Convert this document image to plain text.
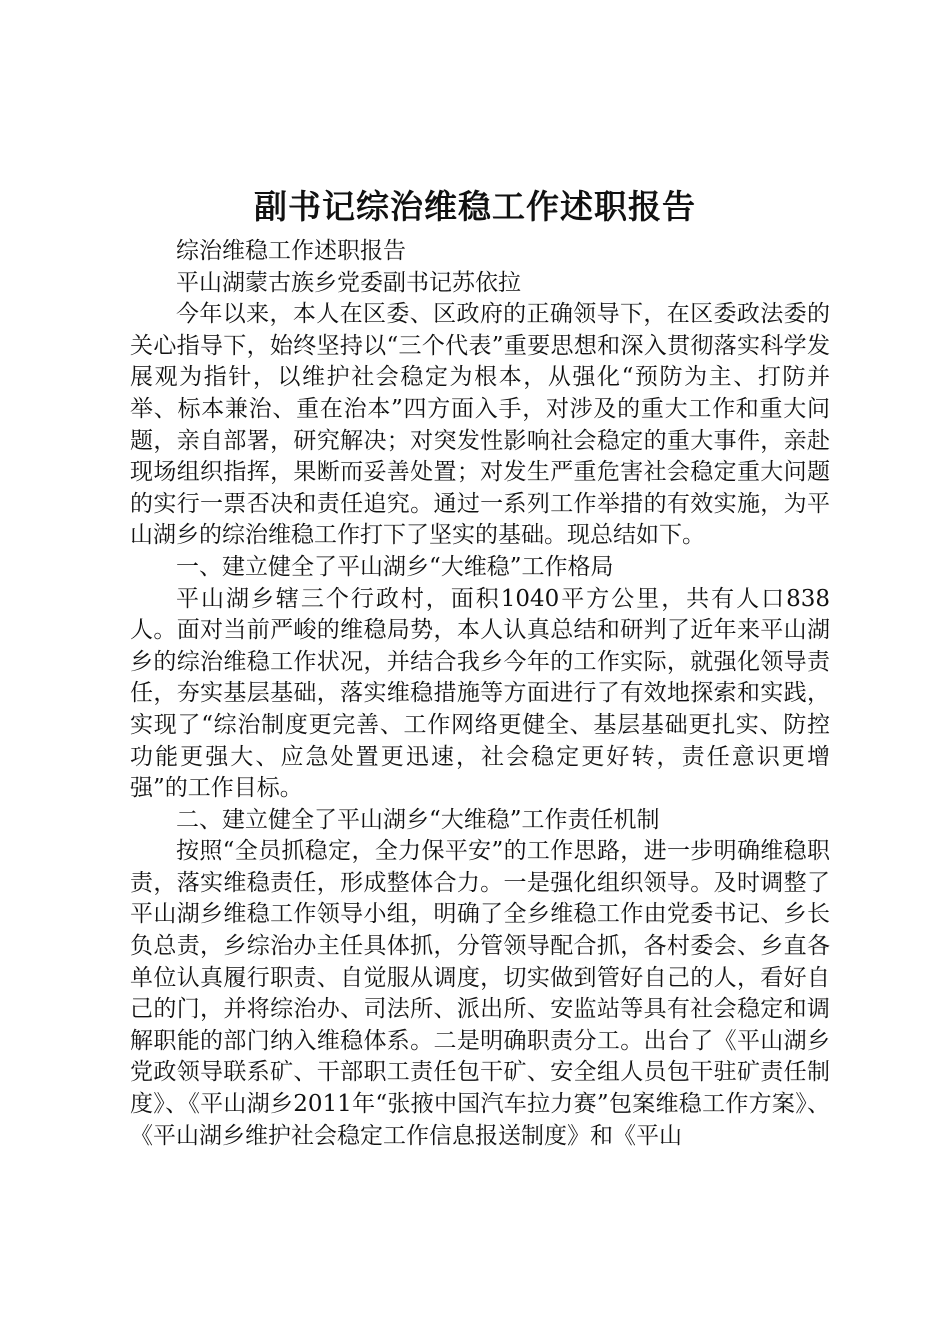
副书记综治维稳工作述职报告

综治维稳工作述职报告

平山湖蒙古族乡党委副书记苏依拉

今年以来，本人在区委、区政府的正确领导下，在区委政法委的关心指导下，始终坚持以“三个代表”重要思想和深入贯彻落实科学发展观为指针，以维护社会稳定为根本，从强化“预防为主、打防并举、标本兼治、重在治本”四方面入手，对涉及的重大工作和重大问题，亲自部署，研究解决；对突发性影响社会稳定的重大事件，亲赴现场组织指挥，果断而妥善处置；对发生严重危害社会稳定重大问题的实行一票否决和责任追究。通过一系列工作举措的有效实施，为平山湖乡的综治维稳工作打下了坚实的基础。现总结如下。

一、建立健全了平山湖乡“大维稳”工作格局

平山湖乡辖三个行政村，面积1040平方公里，共有人口838人。面对当前严峻的维稳局势，本人认真总结和研判了近年来平山湖乡的综治维稳工作状况，并结合我乡今年的工作实际，就强化领导责任，夯实基层基础，落实维稳措施等方面进行了有效地探索和实践，实现了“综治制度更完善、工作网络更健全、基层基础更扎实、防控功能更强大、应急处置更迅速，社会稳定更好转，责任意识更增强”的工作目标。

二、建立健全了平山湖乡“大维稳”工作责任机制

按照“全员抓稳定，全力保平安”的工作思路，进一步明确维稳职责，落实维稳责任，形成整体合力。一是强化组织领导。及时调整了平山湖乡维稳工作领导小组，明确了全乡维稳工作由党委书记、乡长负总责，乡综治办主任具体抓，分管领导配合抓，各村委会、乡直各单位认真履行职责、自觉服从调度，切实做到管好自己的人，看好自己的门，并将综治办、司法所、派出所、安监站等具有社会稳定和调解职能的部门纳入维稳体系。二是明确职责分工。出台了《平山湖乡党政领导联系矿、干部职工责任包干矿、安全组人员包干驻矿责任制度》、《平山湖乡2011年“张掖中国汽车拉力赛”包案维稳工作方案》、《平山湖乡维护社会稳定工作信息报送制度》和《平山
